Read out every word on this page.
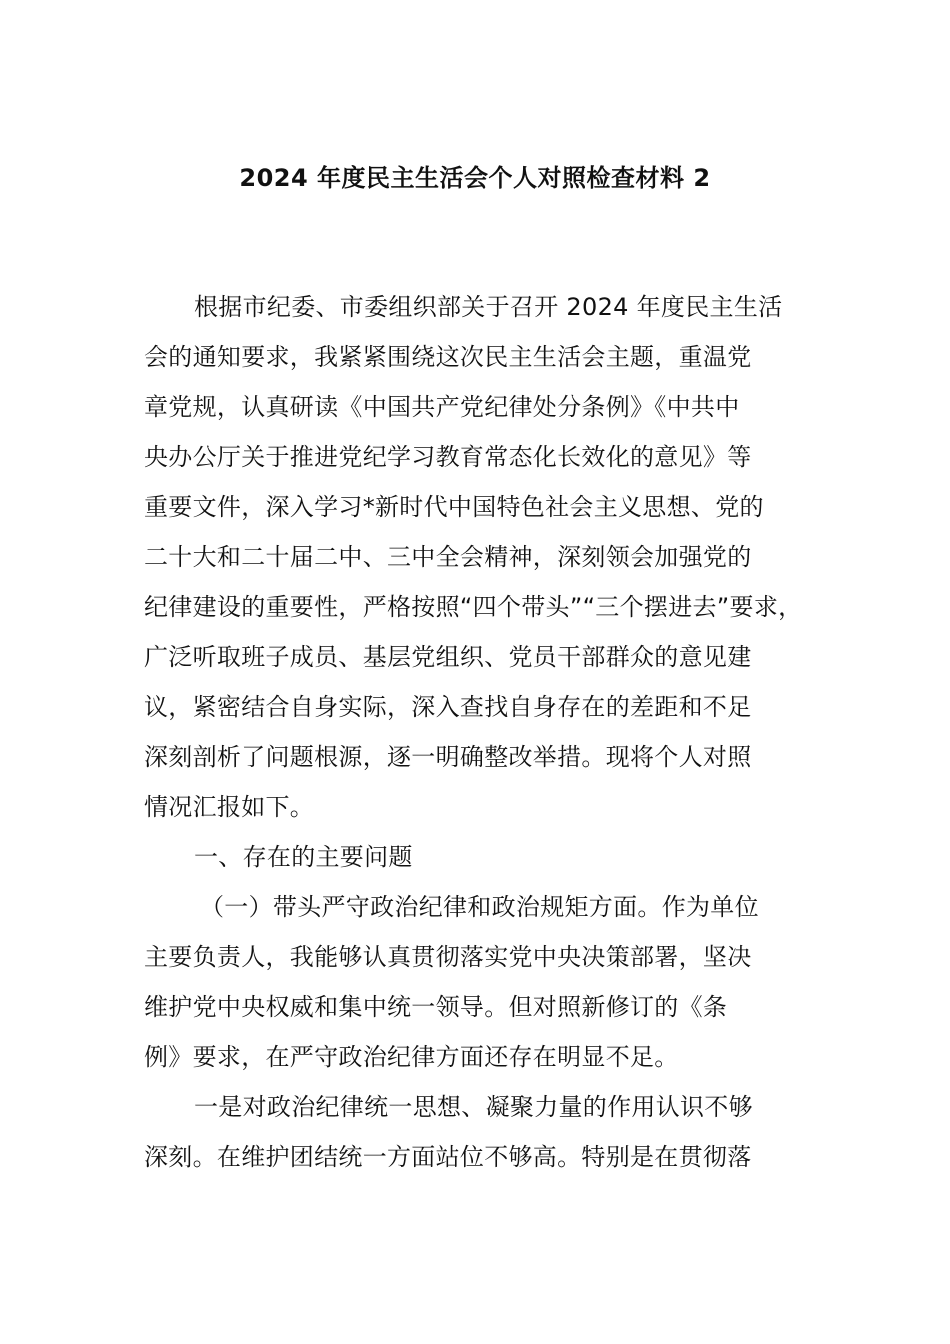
2024 年度民主生活会个人对照检查材料 2
根据市纪委、市委组织部关于召开 2024 年度民主生活
会的通知要求，我紧紧围绕这次民主生活会主题，重温党
章党规，认真研读《中国共产党纪律处分条例》《中共中
央办公厅关于推进党纪学习教育常态化长效化的意见》等
重要文件，深入学习*新时代中国特色社会主义思想、党的
二十大和二十届二中、三中全会精神，深刻领会加强党的
纪律建设的重要性，严格按照“四个带头”“三个摆进去”要求，
广泛听取班子成员、基层党组织、党员干部群众的意见建
议，紧密结合自身实际，深入查找自身存在的差距和不足
深刻剖析了问题根源，逐一明确整改举措。现将个人对照
情况汇报如下。
一、存在的主要问题
（一）带头严守政治纪律和政治规矩方面。作为单位
主要负责人，我能够认真贯彻落实党中央决策部署，坚决
维护党中央权威和集中统一领导。但对照新修订的《条
例》要求，在严守政治纪律方面还存在明显不足。
一是对政治纪律统一思想、凝聚力量的作用认识不够
深刻。在维护团结统一方面站位不够高。特别是在贯彻落
